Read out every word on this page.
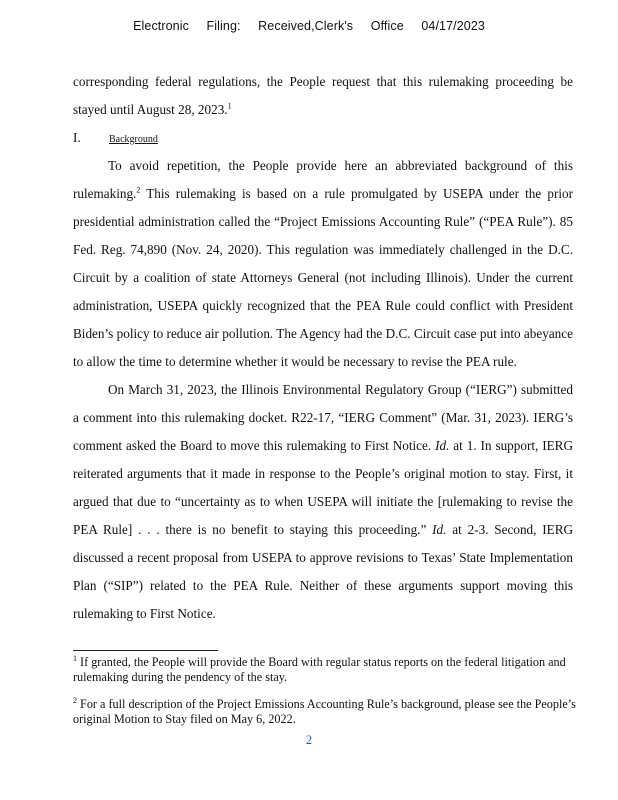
Electronic Filing: Received,Clerk's Office 04/17/2023

corresponding federal regulations, the People request that this rulemaking proceeding be stayed until August 28, 2023.$^1$

I.	Background

To avoid repetition, the People provide here an abbreviated background of this rulemaking.$^2$ This rulemaking is based on a rule promulgated by USEPA under the prior presidential administration called the “Project Emissions Accounting Rule” (“PEA Rule”). 85 Fed. Reg. 74,890 (Nov. 24, 2020). This regulation was immediately challenged in the D.C. Circuit by a coalition of state Attorneys General (not including Illinois). Under the current administration, USEPA quickly recognized that the PEA Rule could conflict with President Biden’s policy to reduce air pollution. The Agency had the D.C. Circuit case put into abeyance to allow the time to determine whether it would be necessary to revise the PEA rule.

On March 31, 2023, the Illinois Environmental Regulatory Group (“IERG”) submitted a comment into this rulemaking docket. R22-17, “IERG Comment” (Mar. 31, 2023). IERG’s comment asked the Board to move this rulemaking to First Notice. Id. at 1. In support, IERG reiterated arguments that it made in response to the People’s original motion to stay. First, it argued that due to “uncertainty as to when USEPA will initiate the [rulemaking to revise the PEA Rule] . . . there is no benefit to staying this proceeding.” Id. at 2-3. Second, IERG discussed a recent proposal from USEPA to approve revisions to Texas’ State Implementation Plan (“SIP”) related to the PEA Rule. Neither of these arguments support moving this rulemaking to First Notice.

$^1$ If granted, the People will provide the Board with regular status reports on the federal litigation and rulemaking during the pendency of the stay.

$^2$ For a full description of the Project Emissions Accounting Rule’s background, please see the People’s original Motion to Stay filed on May 6, 2022.

2
